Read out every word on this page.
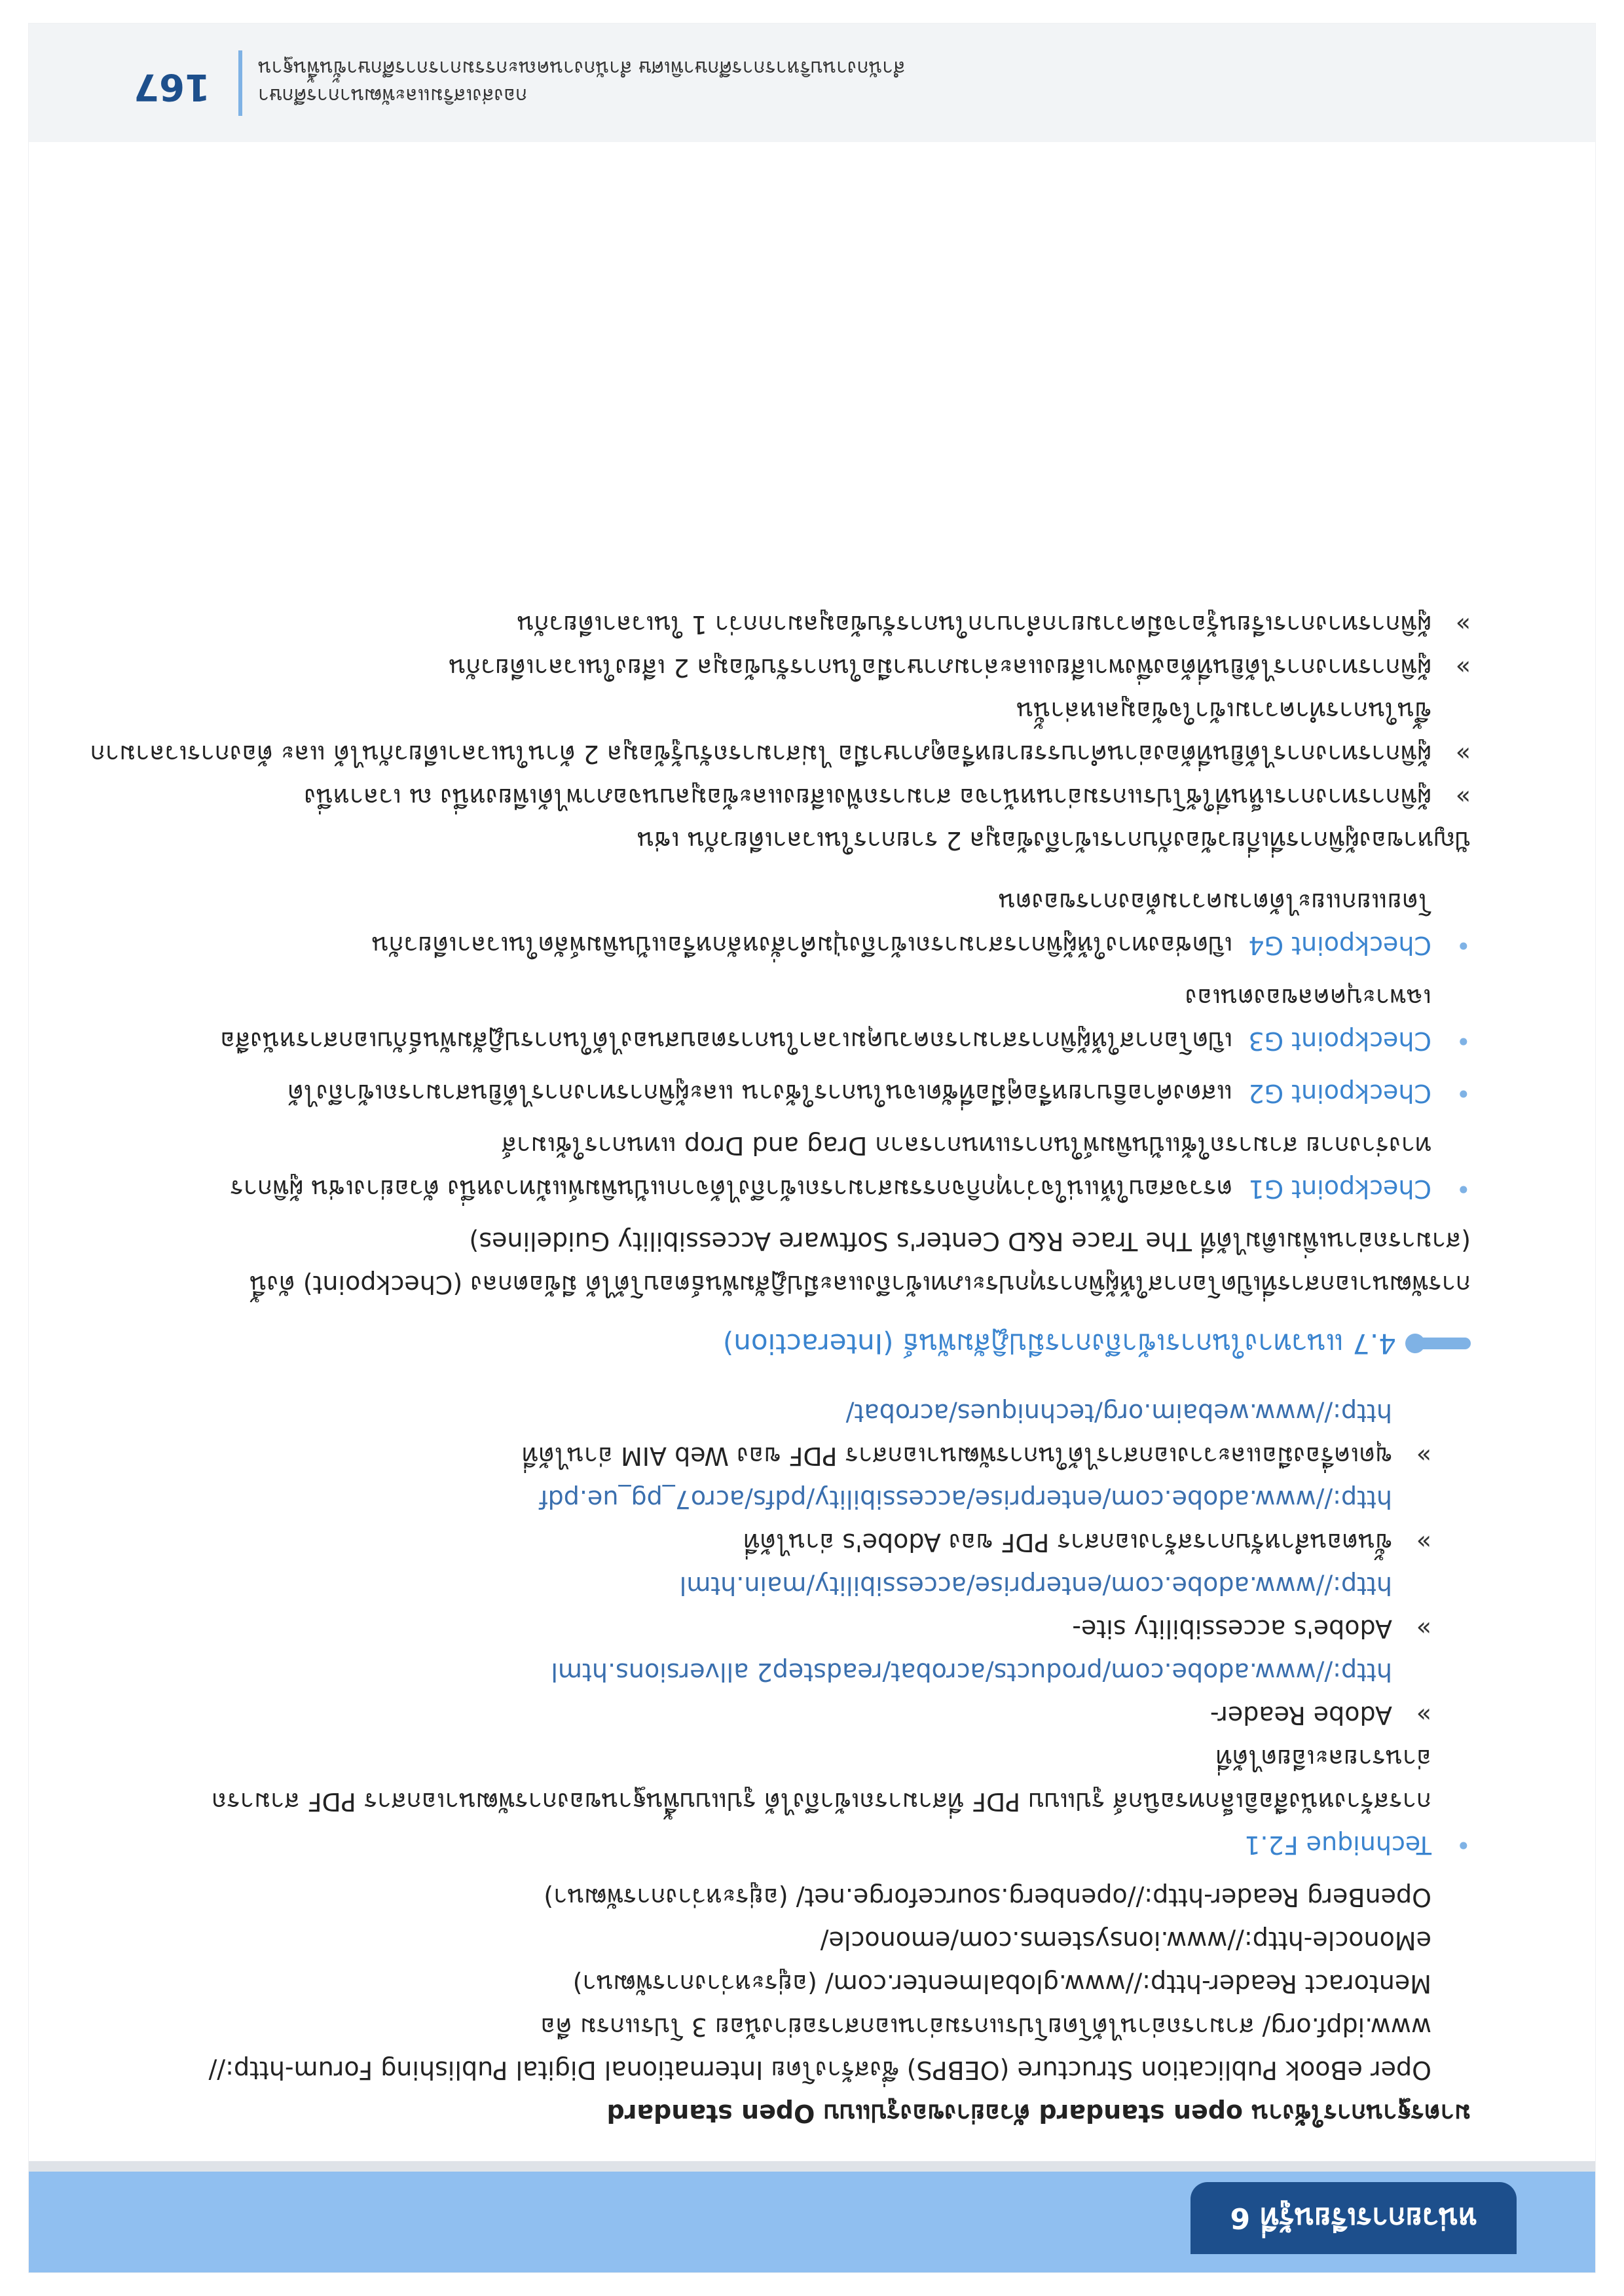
หน่วยการเรียนรู้ที่ 6

มาตรฐานการใช้งาน open standard ตัวอย่างของรูปแบบ Open standard

Oper eBook Publication Structure (OEBPS) ซึ่งสร้างโดย International Digital Publishing Forum-http://

www.idpf.org/ สามารถอ่านได้โดยโปรแกรมอ่านเอกสารอย่างน้อย 3 โปรแกรม คือ

Mentoract Reader-http://www.globalmenter.com/ (อยู่ระหว่างการพัฒนา)

eMonocle-http://www.ionsystems.com/emonocle/

OpenBerg Reader-http://openberg.sourceforge.net/ (อยู่ระหว่างการพัฒนา)

•

Technique F2.1

การสร้างหนังสืออิเล็กทรอนิกส์ รูปแบบ PDF ที่สามารถเข้าถึงได้ รูปแบบพื้นฐานของการพัฒนาเอกสาร PDF สามารถ

อ่านรายละเอียดได้ที่

»

Adobe Reader-

http://www.adobe.com/products/acrobat/readstep2 allversions.html

»

Adobe's accessibility site-

http://www.adobe.com/enterprise/accessibility/main.html

»

ขั้นตอนสำหรับการสร้างเอกสาร PDF ของ Adobe's อ่านได้ที่

http://www.adobe.com/enterprise/accessibility/pdfs/acro7_pg_ue.pdf

»

ขุดเครื่องมือและวางเอกสารได้ในการพัฒนาเอกสาร PDF ของ Web AIM อ่านได้ที่

http://www.webaim.org/techniques/acrobat/

4.7 แนวทางในการเข้าถึงการมีปฏิสัมพันธ์ (Interaction)

การพัฒนาเอกสารที่เปิดโอกาสให้ผู้พิการทุกประเภทเข้าถึงและมีปฏิสัมพันธ์ตอบโต้ได้ มีข้อตกลง (Checkpoint) ดังนี้

(สามารถอ่านเพิ่มเติมได้ที่ The Trace R&D Center's Software Accessibility Guidelines)

•

Checkpoint G1  ตรวจสอบให้แน่ใจว่าทุกกิจกรรมสามารถเข้าถึงได้จากแป้นพิมพ์แม้ทางหนึ่ง ตัวอย่างเช่น ผู้พิการ

ทางร่างกาย สามารถใช้แป้นพิมพ์ในการแทนการลาก Drag and Drop แทนการใช้เมาส์

•

Checkpoint G2  แสดงคำอธิบายหรือคู่มือที่ชัดเจนในการใช้งาน และผู้พิการทางการได้ยินสามารถเข้าถึงได้

•

Checkpoint G3  เปิดโอกาสให้ผู้พิการสามารถควบคุมเวลาในการตอบสนองได้ในการปฏิสัมพันธ์กับเอกสารหนังสือ

เฉพาะบุคคลของตนเอง

•

Checkpoint G4  เปิดช่องทางให้ผู้พิการสามารถเข้าถึงปุ่มคำสั่งหลักหรือแป้นพิมพ์ลัดในเวลาเดียวกัน

โดยแยกแยะได้ตามความต้องการของตน

ปัญหาของผู้พิการที่เกี่ยวข้องกับการเข้าถึงข้อมูล 2 รายการในเวลาเดียวกัน เช่น

»

ผู้พิการทางการเห็นที่ใช้โปรแกรมอ่านหน้าจอ สามารถฟังเสียงและข้อมูลบนจอภาพได้เพียงหนึ่ง ณ เวลาหนึ่ง

»

ผู้พิการทางการได้ยินที่ต้องอ่านคำบรรยายหรือดูภาษามือ ไม่สามารถรับรู้ข้อมูล 2 ด้านในเวลาเดียวกันได้ และ ต้องการเวลามากขึ้นในการทำความเข้าใจข้อมูลเหล่านั้น

»

ผู้พิการทางการได้ยินที่ต้องพึ่งพาเสียงและล่ามภาษามือในการรับข้อมูล 2 เสียงในเวลาเดียวกัน

»

ผู้พิการทางการเรียนรู้อาจมีความยากลำบากในการรับข้อมูลมากกว่า 1 ในเวลาเดียวกัน

กองส่งเสริมและพัฒนาการศึกษา
สำนักงานบริหารการศึกษาพิเศษ สำนักงานคณะกรรมการการศึกษาขั้นพื้นฐาน
167
